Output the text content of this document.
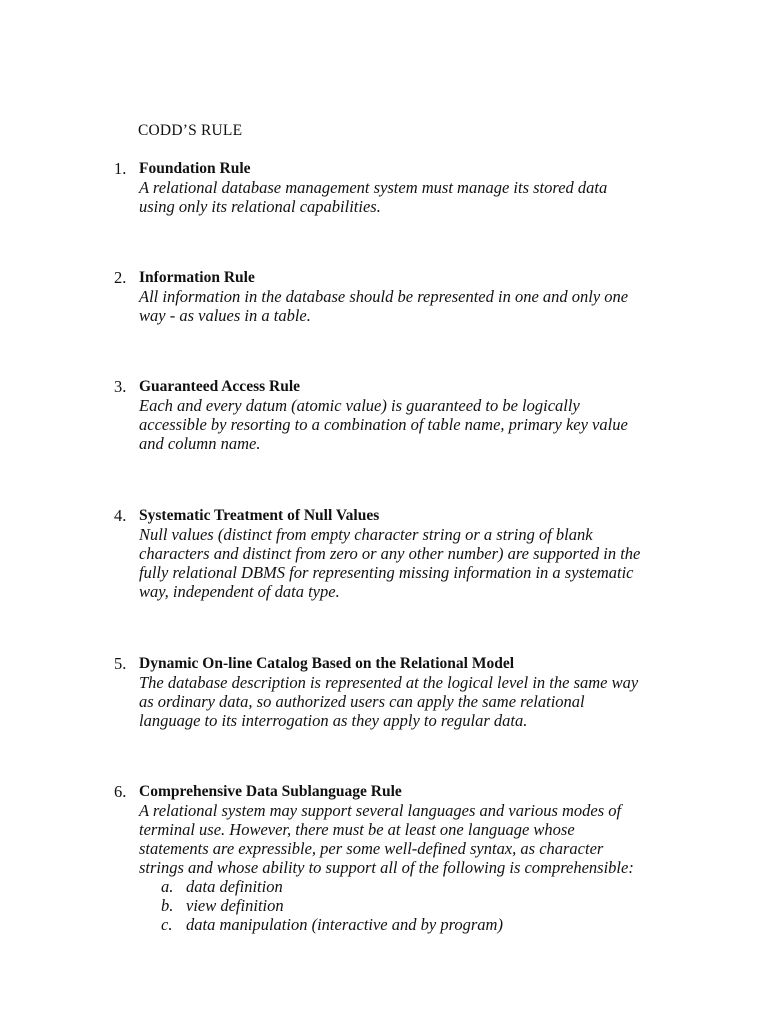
CODD’S RULE
1. Foundation Rule
A relational database management system must manage its stored data
using only its relational capabilities.
2. Information Rule
All information in the database should be represented in one and only one
way - as values in a table.
3. Guaranteed Access Rule
Each and every datum (atomic value) is guaranteed to be logically
accessible by resorting to a combination of table name, primary key value
and column name.
4. Systematic Treatment of Null Values
Null values (distinct from empty character string or a string of blank
characters and distinct from zero or any other number) are supported in the
fully relational DBMS for representing missing information in a systematic
way, independent of data type.
5. Dynamic On-line Catalog Based on the Relational Model
The database description is represented at the logical level in the same way
as ordinary data, so authorized users can apply the same relational
language to its interrogation as they apply to regular data.
6. Comprehensive Data Sublanguage Rule
A relational system may support several languages and various modes of
terminal use. However, there must be at least one language whose
statements are expressible, per some well-defined syntax, as character
strings and whose ability to support all of the following is comprehensible:
a. data definition
b. view definition
c. data manipulation (interactive and by program)
